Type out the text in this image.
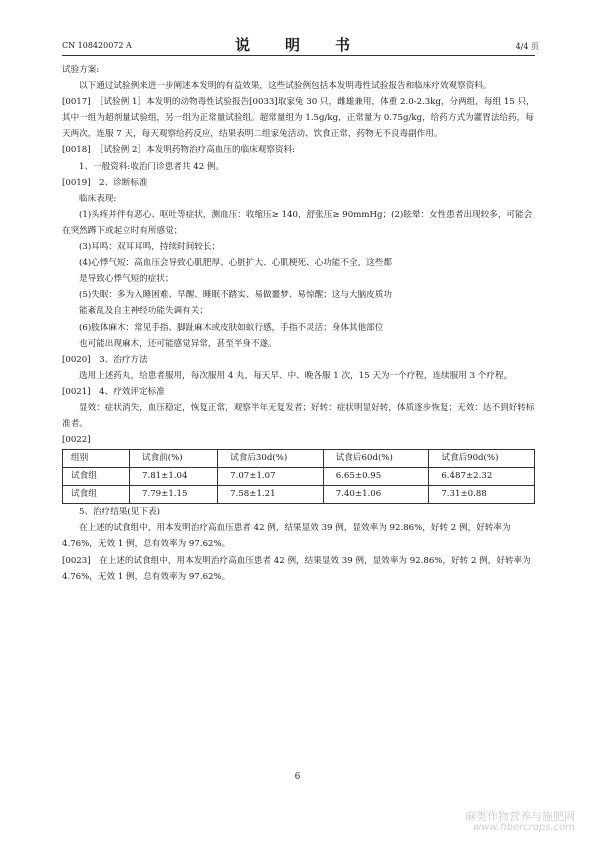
CN 108420072 A	说　明　书	4/4 页

试验方案:

以下通过试验例来进一步阐述本发明的有益效果，这些试验例包括本发明毒性试验报告和临床疗效观察资料。

[0017]　［试验例 1］本发明的动物毒性试验报告[0033]取家兔 30 只，雌雄兼用，体重 2.0-2.3kg，分两组，每组 15 只，其中一组为超剂量试验组，另一组为正常量试验组。超常量组为 1.5g/kg，正常量为 0.75g/kg，给药方式为灌胃法给药，每天两次，连服 7 天，每天观察给药反应，结果表明二组家兔活动、饮食正常，药物无不良毒副作用。

[0018]　［试验例 2］本发明药物治疗高血压的临床观察资料:

1、一般资料:收治门诊患者共 42 例。

[0019]　2、诊断标准

临床表现:

(1)头疼并伴有恶心、呕吐等症状，测血压：收缩压≥ 140，舒张压≥ 90mmHg；(2)眩晕：女性患者出现较多，可能会在突然蹲下或起立时有所感觉；

(3)耳鸣：双耳耳鸣，持续时间较长；

(4)心悸气短：高血压会导致心肌肥厚、心脏扩大、心肌梗死、心功能不全，这些都

是导致心悸气短的症状；

(5)失眠：多为入睡困难、早醒、睡眠不踏实、易做噩梦、易惊醒；这与大脑皮质功

能紊乱及自主神经功能失调有关；

(6)肢体麻木：常见手指、脚趾麻木或皮肤如蚁行感，手指不灵活；身体其他部位

也可能出现麻木，还可能感觉异常，甚至半身不遂。

[0020]　3、治疗方法

选用上述药丸，给患者服用，每次服用 4 丸，每天早、中、晚各服 1 次，15 天为一个疗程，连续服用 3 个疗程。

[0021]　4、疗效评定标准

显效：症状消失，血压稳定，恢复正常，观察半年无复发者；好转：症状明显好转，体质逐步恢复；无效：达不到好转标准者。

[0022]

组别	试食前(%)	试食后30d(%)	试食后60d(%)	试食后90d(%)
试食组	7.81±1.04	7.07±1.07	6.65±0.95	6.487±2.32
试食组	7.79±1.15	7.58±1.21	7.40±1.06	7.31±0.88

5、治疗结果(见下表)

在上述的试食组中，用本发明治疗高血压患者 42 例，结果显效 39 例，显效率为 92.86%，好转 2 例，好转率为 4.76%，无效 1 例，总有效率为 97.62%。

[0023]　在上述的试食组中，用本发明治疗高血压患者 42 例，结果显效 39 例，显效率为 92.86%，好转 2 例，好转率为 4.76%，无效 1 例，总有效率为 97.62%。

6
麻类作物营养与施肥网
www.fibercrops.com
